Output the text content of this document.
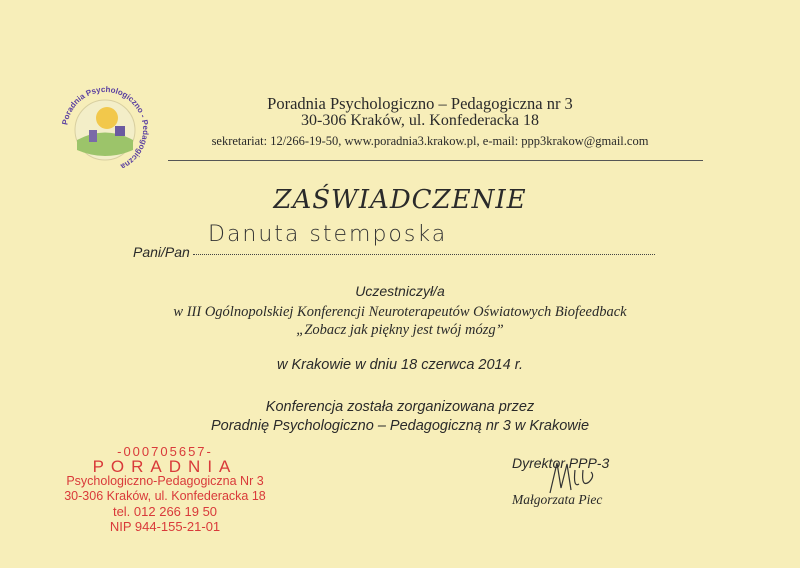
Poradnia Psychologiczno - Pedagogiczna
Poradnia Psychologiczno – Pedagogiczna nr 3
30-306 Kraków, ul. Konfederacka 18
sekretariat: 12/266-19-50, www.poradnia3.krakow.pl, e-mail: ppp3krakow@gmail.com
ZAŚWIADCZENIE
Pani/Pan
Danuta stemposka
Uczestniczył/a
w III Ogólnopolskiej Konferencji Neuroterapeutów Oświatowych Biofeedback
„Zobacz jak piękny jest twój mózg”
w Krakowie w dniu 18 czerwca 2014 r.
Konferencja została zorganizowana przez
Poradnię Psychologiczno – Pedagogiczną nr 3 w Krakowie
-000705657-
PORADNIA
Psychologiczno-Pedagogiczna Nr 3
30-306 Kraków, ul. Konfederacka 18
tel. 012 266 19 50
NIP 944-155-21-01
Dyrektor PPP-3
Małgorzata Piec
